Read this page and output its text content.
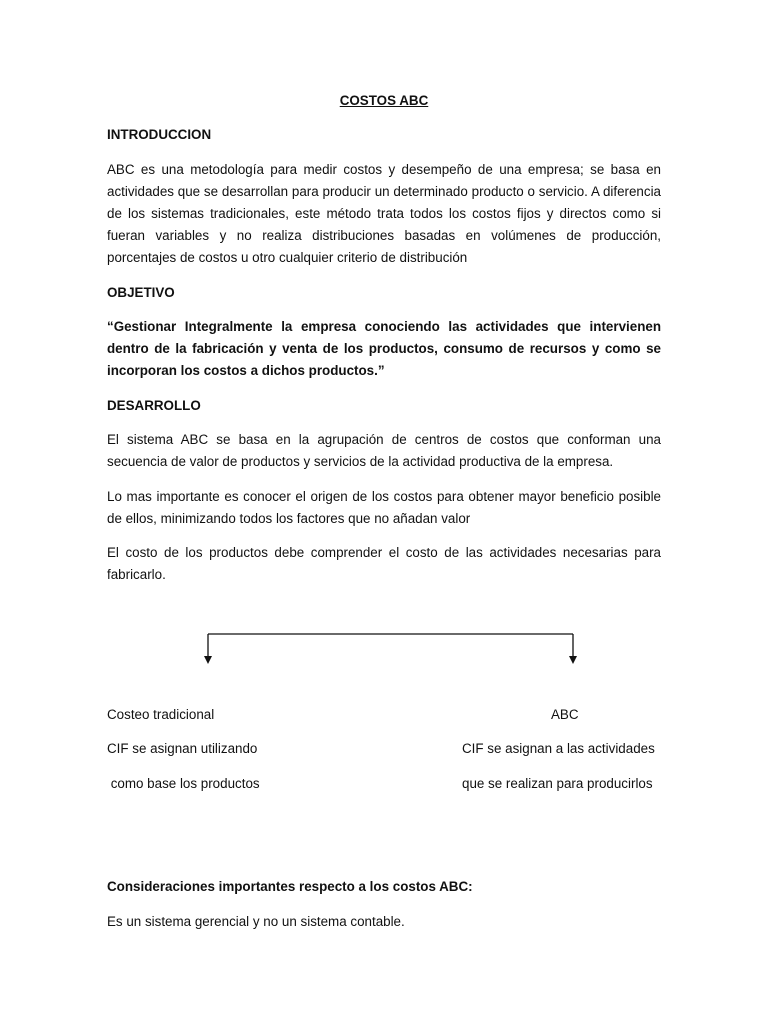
COSTOS ABC
INTRODUCCION
ABC es una metodología para medir costos y desempeño de una empresa; se basa en actividades que se desarrollan para producir un determinado producto o servicio. A diferencia de los sistemas tradicionales, este método trata todos los costos fijos y directos como si fueran variables y no realiza distribuciones basadas en volúmenes de producción, porcentajes de costos u otro cualquier criterio de distribución
OBJETIVO
“Gestionar Integralmente la empresa conociendo las actividades que intervienen dentro de la fabricación y venta de los productos, consumo de recursos y como se incorporan los costos a dichos productos.”
DESARROLLO
El sistema ABC se basa en la agrupación de centros de costos que conforman una secuencia de valor de productos y servicios de la actividad productiva de la empresa.
Lo mas importante es conocer el origen de los costos para obtener mayor beneficio posible de ellos, minimizando todos los factores que no añadan valor
El costo de los productos debe comprender el costo de las actividades necesarias para fabricarlo.
Costeo tradicional
CIF se asignan utilizando
como base los productos
ABC
CIF se asignan a las actividades
que se realizan para producirlos
Consideraciones importantes respecto a los costos ABC:
Es un sistema gerencial y no un sistema contable.
